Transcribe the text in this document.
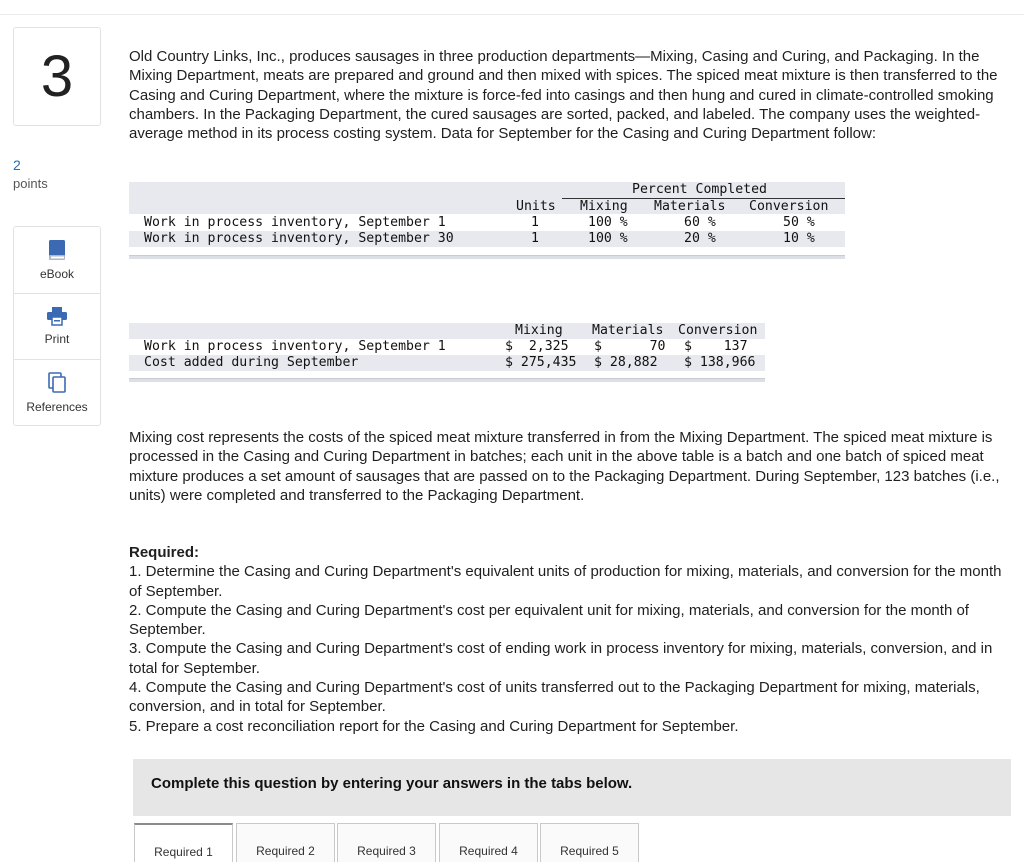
3
2
points
eBook
Print
References

Old Country Links, Inc., produces sausages in three production departments—Mixing, Casing and Curing, and Packaging. In the Mixing Department, meats are prepared and ground and then mixed with spices. The spiced meat mixture is then transferred to the Casing and Curing Department, where the mixture is force-fed into casings and then hung and cured in climate-controlled smoking chambers. In the Packaging Department, the cured sausages are sorted, packed, and labeled. The company uses the weighted-average method in its process costing system. Data for September for the Casing and Curing Department follow:

Percent Completed
Units Mixing Materials Conversion
Work in process inventory, September 1	1	100 %	60 %	50 %
Work in process inventory, September 30	1	100 %	20 %	10 %
Mixing Materials Conversion
Work in process inventory, September 1	$  2,325 $      70 $    137
Cost added during September	$ 275,435 $ 28,882 $ 138,966

Mixing cost represents the costs of the spiced meat mixture transferred in from the Mixing Department. The spiced meat mixture is processed in the Casing and Curing Department in batches; each unit in the above table is a batch and one batch of spiced meat mixture produces a set amount of sausages that are passed on to the Packaging Department. During September, 123 batches (i.e., units) were completed and transferred to the Packaging Department.

Required:

1. Determine the Casing and Curing Department's equivalent units of production for mixing, materials, and conversion for the month of September.

2. Compute the Casing and Curing Department's cost per equivalent unit for mixing, materials, and conversion for the month of September.

3. Compute the Casing and Curing Department's cost of ending work in process inventory for mixing, materials, conversion, and in total for September.

4. Compute the Casing and Curing Department's cost of units transferred out to the Packaging Department for mixing, materials, conversion, and in total for September.

5. Prepare a cost reconciliation report for the Casing and Curing Department for September.

Complete this question by entering your answers in the tabs below.
Required 1	Required 2	Required 3	Required 4	Required 5
